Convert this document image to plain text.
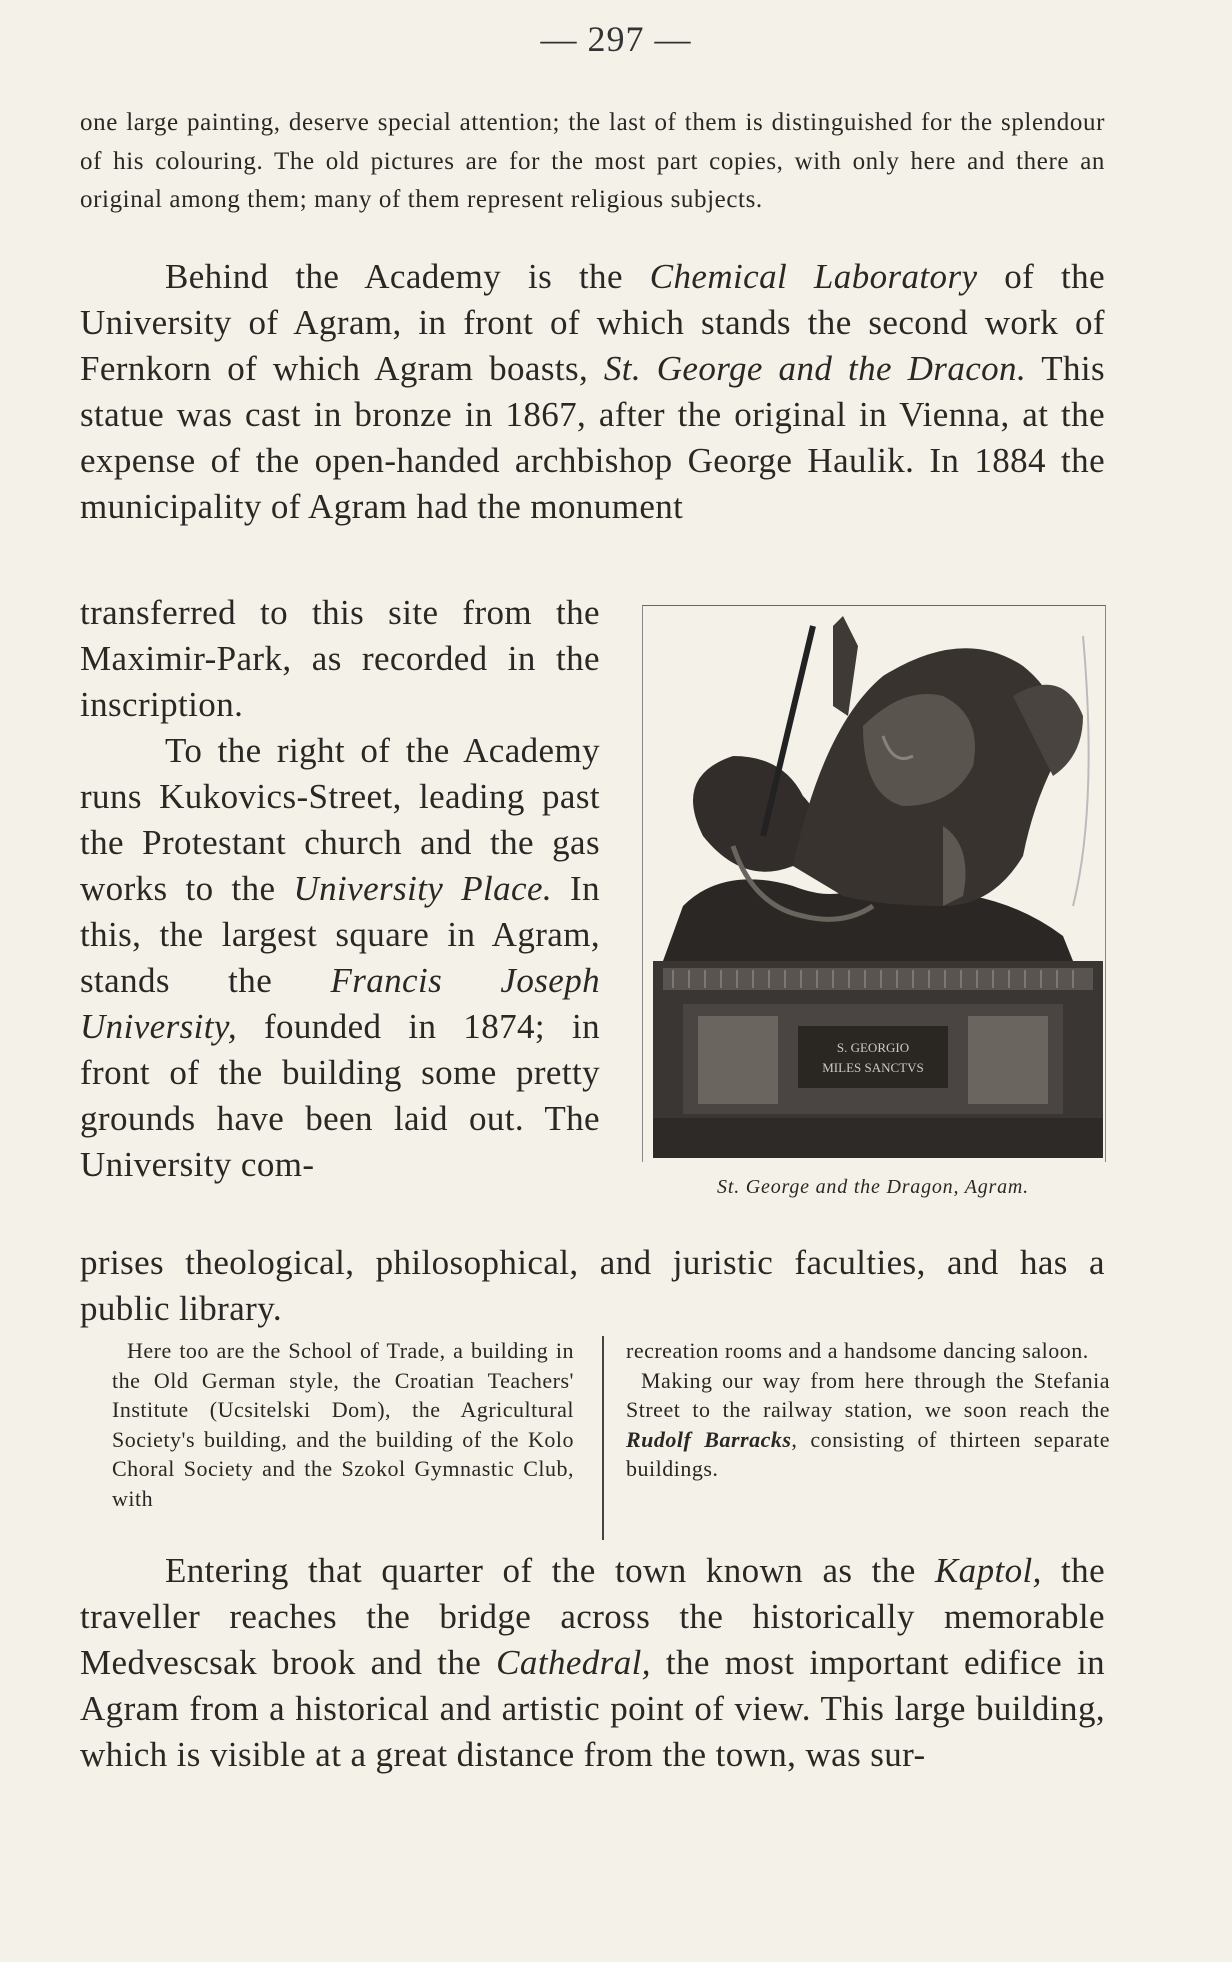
— 297 —

one large painting, deserve special attention; the last of them is distinguished for the splendour of his colouring. The old pictures are for the most part copies, with only here and there an original among them; many of them represent religious subjects.

Behind the Academy is the Chemical Laboratory of the University of Agram, in front of which stands the second work of Fernkorn of which Agram boasts, St. George and the Dracon. This statue was cast in bronze in 1867, after the original in Vienna, at the expense of the open-handed archbishop George Haulik. In 1884 the municipality of Agram had the monument

transferred to this site from the Maximir-Park, as recorded in the inscription.

To the right of the Academy runs Kukovics-Street, leading past the Protestant church and the gas works to the University Place. In this, the largest square in Agram, stands the Francis Joseph University, founded in 1874; in front of the building some pretty grounds have been laid out. The University com-

prises theological, philosophical, and juristic faculties, and has a public library.

S. GEORGIO
MILES SANCTVS
St. George and the Dragon, Agram.

Here too are the School of Trade, a building in the Old German style, the Croatian Teachers' Institute (Ucsitelski Dom), the Agricultural Society's building, and the building of the Kolo Choral Society and the Szokol Gymnastic Club, with

recreation rooms and a handsome dancing saloon.

Making our way from here through the Stefania Street to the railway station, we soon reach the Rudolf Barracks, consisting of thirteen separate buildings.

Entering that quarter of the town known as the Kaptol, the traveller reaches the bridge across the historically memorable Medvescsak brook and the Cathedral, the most important edifice in Agram from a historical and artistic point of view. This large building, which is visible at a great distance from the town, was sur-
